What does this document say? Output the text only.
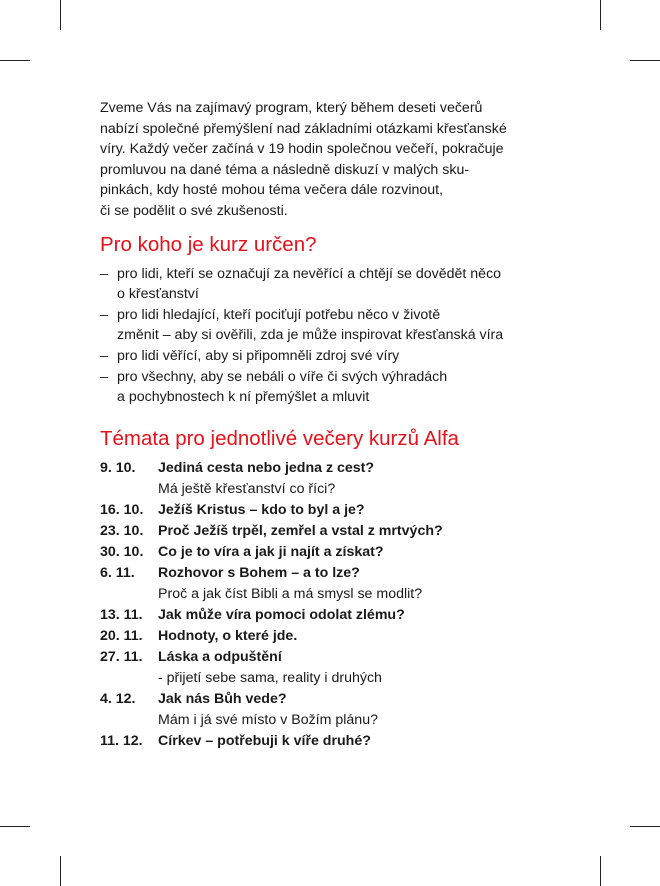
Zveme Vás na zajímavý program, který během deseti večerů
nabízí společné přemýšlení nad základními otázkami křesťanské
víry. Každý večer začíná v 19 hodin společnou večeří, pokračuje
promluvou na dané téma a následně diskuzí v malých sku-
pinkách, kdy hosté mohou téma večera dále rozvinout,
či se podělit o své zkušenosti.

Pro koho je kurz určen?
– pro lidi, kteří se označují za nevěřící a chtějí se dovědět něco
o křesťanství
– pro lidi hledající, kteří pociťují potřebu něco v životě
změnit – aby si ověřili, zda je může inspirovat křesťanská víra
– pro lidi věřící, aby si připomněli zdroj své víry
– pro všechny, aby se nebáli o víře či svých výhradách
a pochybnostech k ní přemýšlet a mluvit
Témata pro jednotlivé večery kurzů Alfa
9. 10.	Jediná cesta nebo jedna z cest?
Má ještě křesťanství co říci?
16. 10.	Ježíš Kristus – kdo to byl a je?
23. 10.	Proč Ježíš trpěl, zemřel a vstal z mrtvých?
30. 10.	Co je to víra a jak ji najít a získat?
6. 11.	Rozhovor s Bohem – a to lze?
Proč a jak číst Bibli a má smysl se modlit?
13. 11.	Jak může víra pomoci odolat zlému?
20. 11.	Hodnoty, o které jde.
27. 11.	Láska a odpuštění
- přijetí sebe sama, reality i druhých
4. 12.	Jak nás Bůh vede?
Mám i já své místo v Božím plánu?
11. 12.	Církev – potřebuji k víře druhé?
